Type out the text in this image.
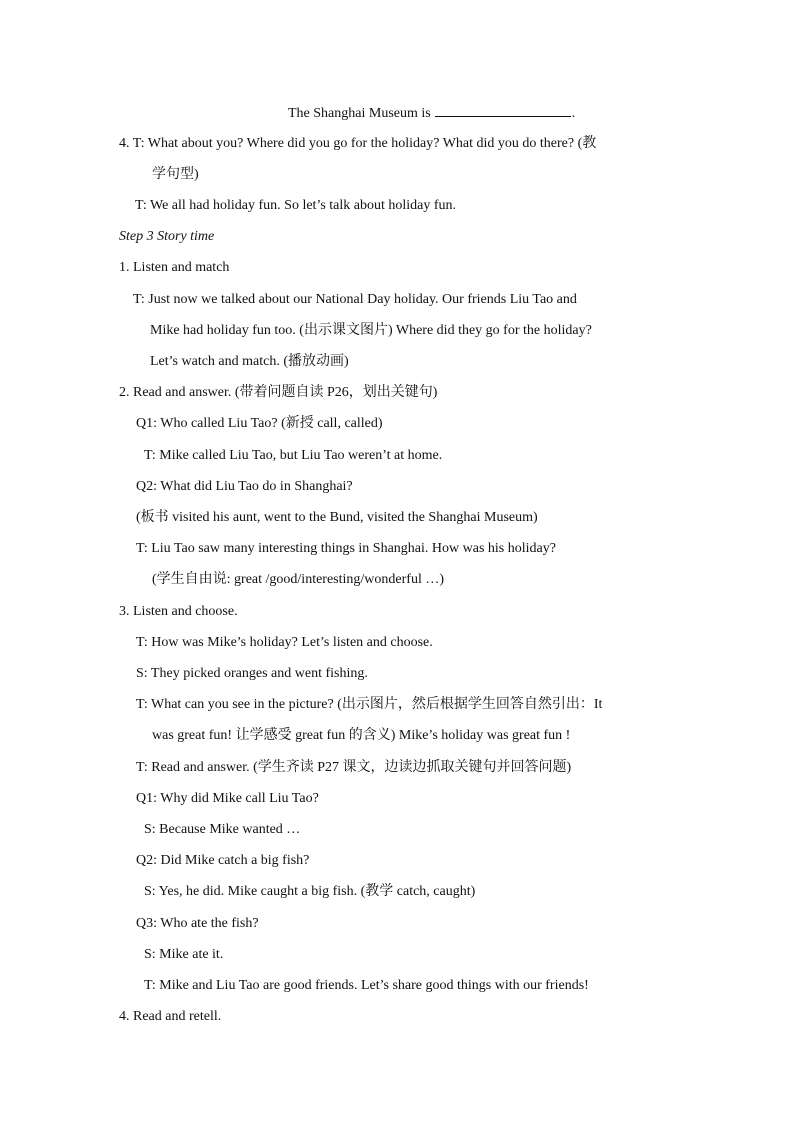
The Shanghai Museum is	.
4. T: What about you? Where did you go for the holiday? What did you do there? (教
学句型)
T: We all had holiday fun. So let’s talk about holiday fun.
Step 3 Story time
1. Listen and match
T: Just now we talked about our National Day holiday. Our friends Liu Tao and
Mike had holiday fun too. (出示课文图片) Where did they go for the holiday?
Let’s watch and match. (播放动画)
2. Read and answer. (带着问题自读 P26，划出关键句)
Q1: Who called Liu Tao? (新授 call, called)
T: Mike called Liu Tao, but Liu Tao weren’t at home.
Q2: What did Liu Tao do in Shanghai?
(板书 visited his aunt, went to the Bund, visited the Shanghai Museum)
T: Liu Tao saw many interesting things in Shanghai. How was his holiday?
(学生自由说: great /good/interesting/wonderful …)
3. Listen and choose.
T: How was Mike’s holiday? Let’s listen and choose.
S: They picked oranges and went fishing.
T: What can you see in the picture? (出示图片，然后根据学生回答自然引出：It
was great fun! 让学感受 great fun 的含义) Mike’s holiday was great fun !
T: Read and answer. (学生齐读 P27 课文，边读边抓取关键句并回答问题)
Q1: Why did Mike call Liu Tao?
S: Because Mike wanted …
Q2: Did Mike catch a big fish?
S: Yes, he did. Mike caught a big fish. (教学 catch, caught)
Q3: Who ate the fish?
S: Mike ate it.
T: Mike and Liu Tao are good friends. Let’s share good things with our friends!
4. Read and retell.
